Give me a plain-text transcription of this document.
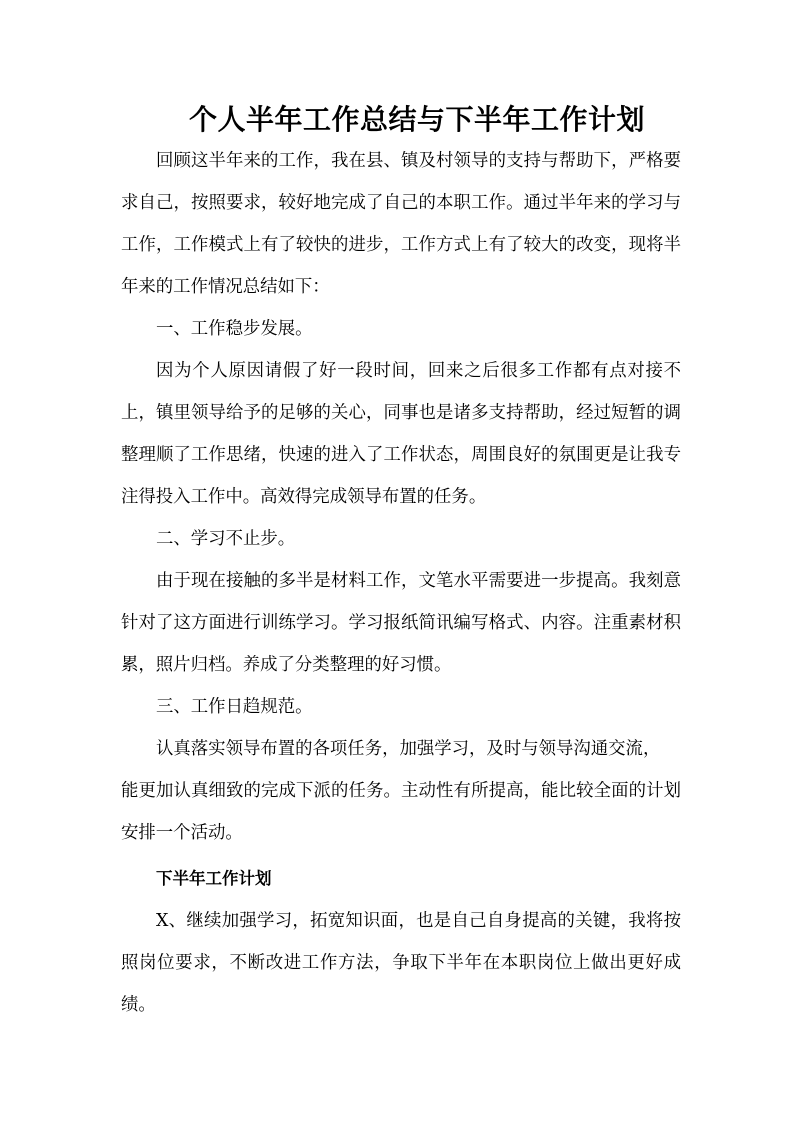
个人半年工作总结与下半年工作计划

回顾这半年来的工作，我在县、镇及村领导的支持与帮助下，严格要求自己，按照要求，较好地完成了自己的本职工作。通过半年来的学习与工作，工作模式上有了较快的进步，工作方式上有了较大的改变，现将半年来的工作情况总结如下：

一、工作稳步发展。

因为个人原因请假了好一段时间，回来之后很多工作都有点对接不上，镇里领导给予的足够的关心，同事也是诸多支持帮助，经过短暂的调整理顺了工作思绪，快速的进入了工作状态，周围良好的氛围更是让我专注得投入工作中。高效得完成领导布置的任务。

二、学习不止步。

由于现在接触的多半是材料工作，文笔水平需要进一步提高。我刻意针对了这方面进行训练学习。学习报纸简讯编写格式、内容。注重素材积累，照片归档。养成了分类整理的好习惯。

三、工作日趋规范。

认真落实领导布置的各项任务，加强学习，及时与领导沟通交流，

能更加认真细致的完成下派的任务。主动性有所提高，能比较全面的计划安排一个活动。

下半年工作计划

X、继续加强学习，拓宽知识面，也是自己自身提高的关键，我将按照岗位要求，不断改进工作方法，争取下半年在本职岗位上做出更好成绩。
